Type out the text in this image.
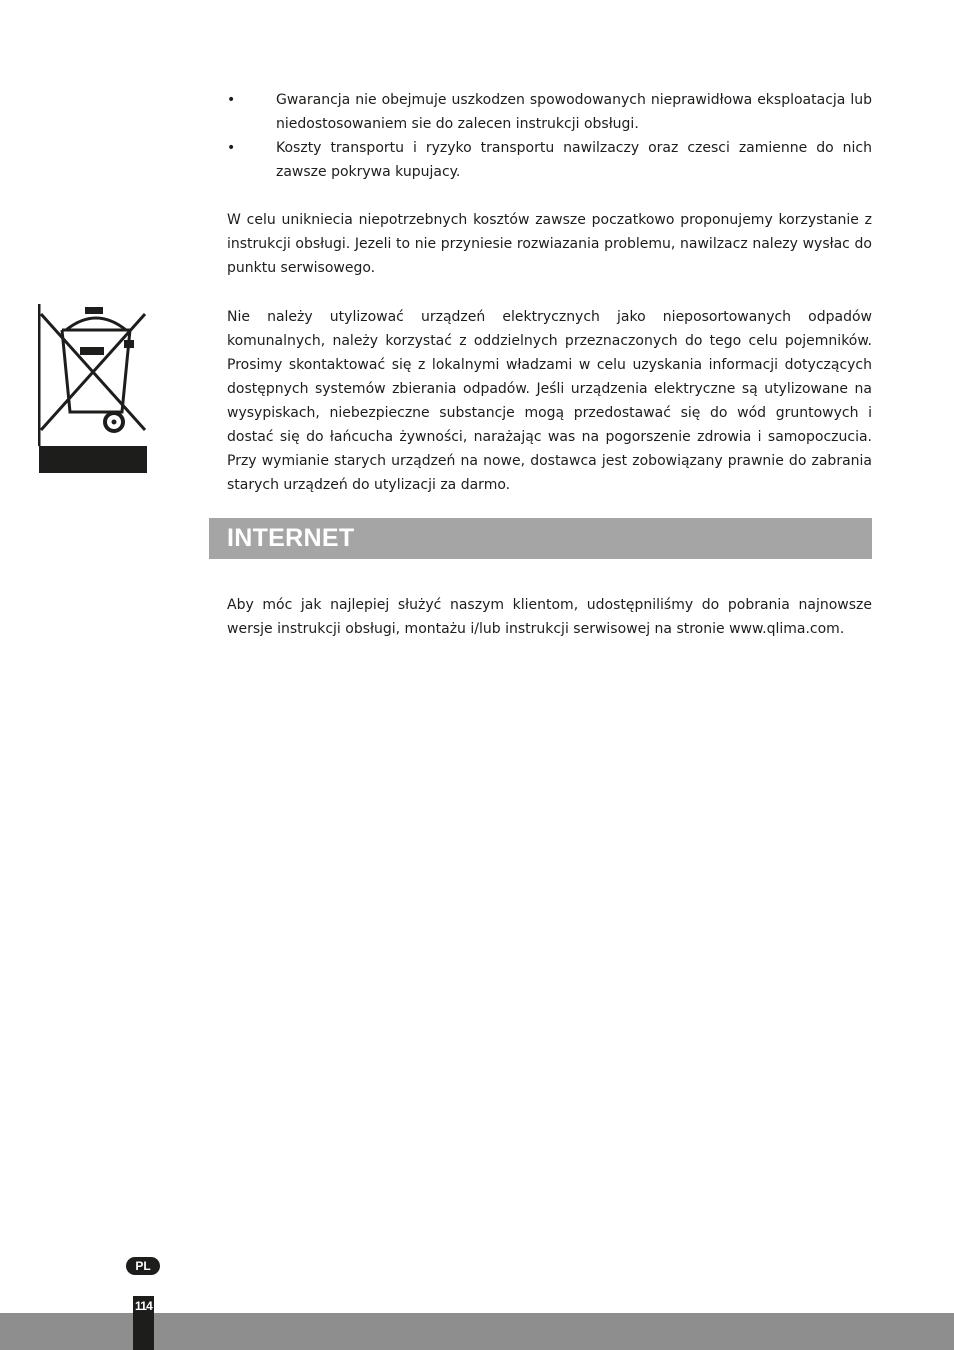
•	Gwarancja nie obejmuje uszkodzen spowodowanych nieprawidłowa eksploatacja lub niedostosowaniem sie do zalecen instrukcji obsługi.
•	Koszty transportu i ryzyko transportu nawilzaczy oraz czesci zamienne do nich zawsze pokrywa kupujacy.

W celu unikniecia niepotrzebnych kosztów zawsze poczatkowo proponujemy korzystanie z instrukcji obsługi. Jezeli to nie przyniesie rozwiazania problemu, nawilzacz nalezy wysłac do punktu serwisowego.

Nie należy utylizować urządzeń elektrycznych jako nieposortowanych odpadów komunalnych, należy korzystać z oddzielnych przeznaczonych do tego celu pojemników. Prosimy skontaktować się z lokalnymi władzami w celu uzyskania informacji dotyczących dostępnych systemów zbierania odpadów. Jeśli urządzenia elektryczne są utylizowane na wysypiskach, niebezpieczne substancje mogą przedostawać się do wód gruntowych i dostać się do łańcucha żywności, narażając was na pogorszenie zdrowia i samopoczucia. Przy wymianie starych urządzeń na nowe, dostawca jest zobowiązany prawnie do zabrania starych urządzeń do utylizacji za darmo.

INTERNET

Aby móc jak najlepiej służyć naszym klientom, udostępniliśmy do pobrania najnowsze wersje instrukcji obsługi, montażu i/lub instrukcji serwisowej na stronie www.qlima.com.

PL
114
